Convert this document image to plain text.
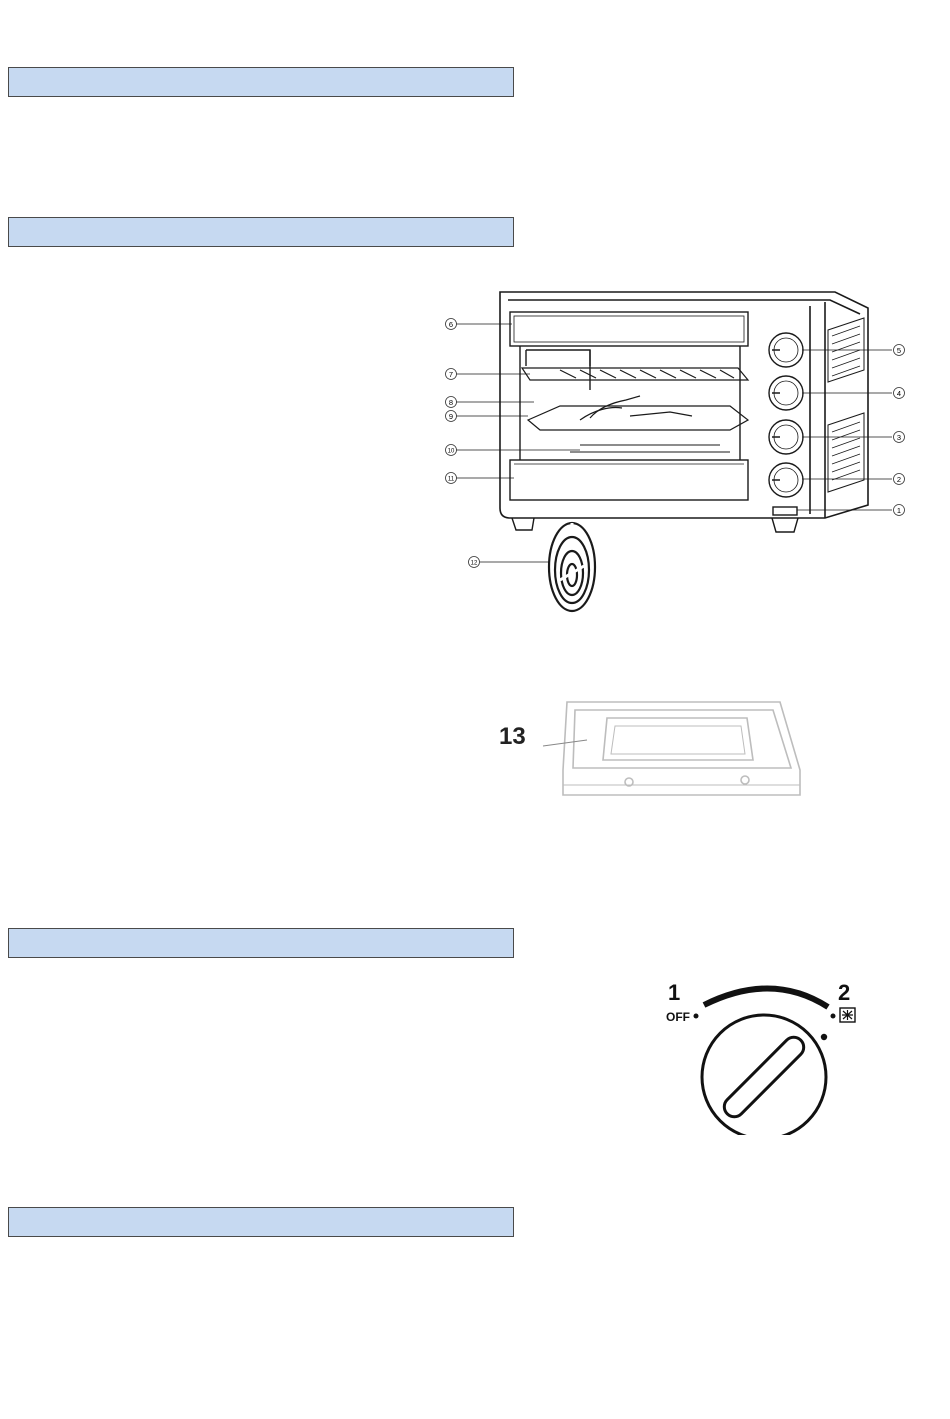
6
7
8
9
10
11
5
4
3
2
1
12
13
1
OFF
2
